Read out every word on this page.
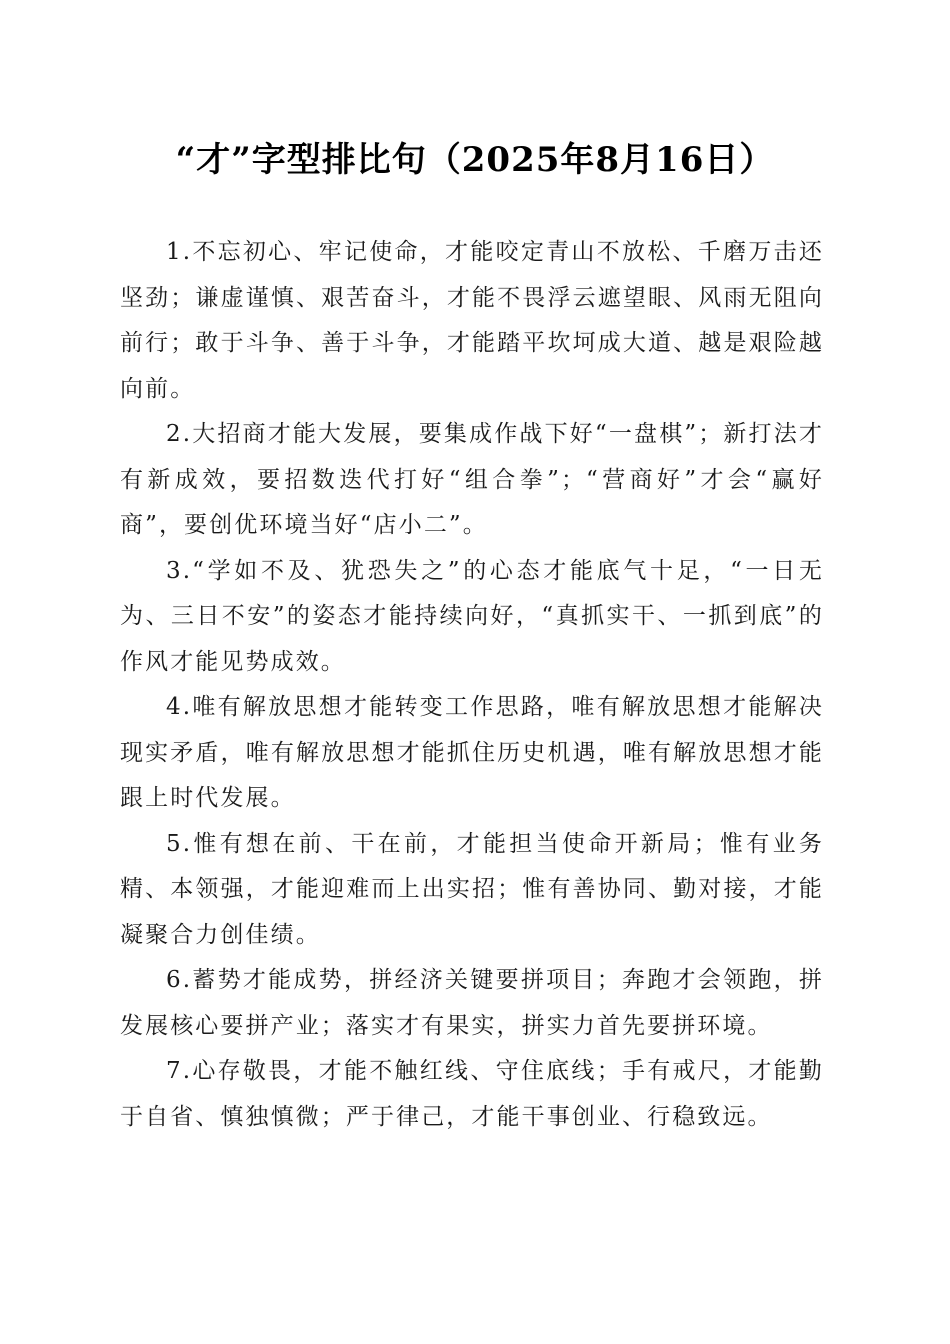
“才”字型排比句（2025年8月16日）

1.不忘初心、牢记使命，才能咬定青山不放松、千磨万击还坚劲；谦虚谨慎、艰苦奋斗，才能不畏浮云遮望眼、风雨无阻向前行；敢于斗争、善于斗争，才能踏平坎坷成大道、越是艰险越向前。

2.大招商才能大发展，要集成作战下好“一盘棋”；新打法才有新成效，要招数迭代打好“组合拳”；“营商好”才会“赢好商”，要创优环境当好“店小二”。

3.“学如不及、犹恐失之”的心态才能底气十足，“一日无为、三日不安”的姿态才能持续向好，“真抓实干、一抓到底”的作风才能见势成效。

4.唯有解放思想才能转变工作思路，唯有解放思想才能解决现实矛盾，唯有解放思想才能抓住历史机遇，唯有解放思想才能跟上时代发展。

5.惟有想在前、干在前，才能担当使命开新局；惟有业务精、本领强，才能迎难而上出实招；惟有善协同、勤对接，才能凝聚合力创佳绩。

6.蓄势才能成势，拼经济关键要拼项目；奔跑才会领跑，拼发展核心要拼产业；落实才有果实，拼实力首先要拼环境。

7.心存敬畏，才能不触红线、守住底线；手有戒尺，才能勤于自省、慎独慎微；严于律己，才能干事创业、行稳致远。
